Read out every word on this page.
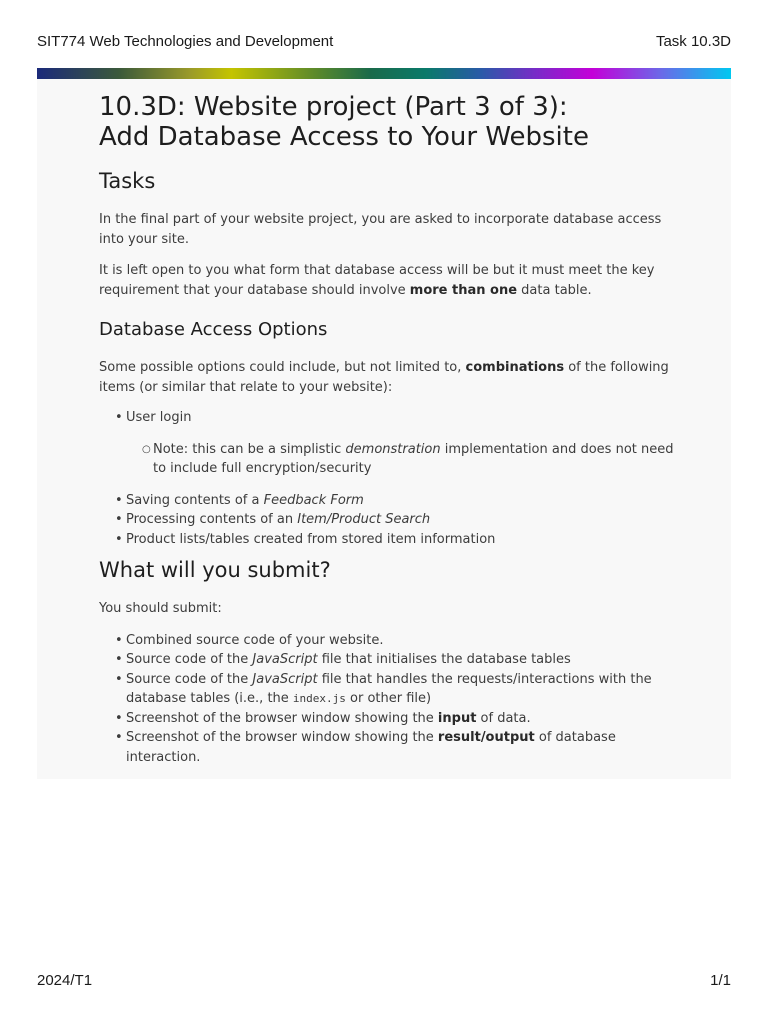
SIT774 Web Technologies and Development	Task 10.3D
10.3D: Website project (Part 3 of 3):
Add Database Access to Your Website
Tasks

In the final part of your website project, you are asked to incorporate database access into your site.

It is left open to you what form that database access will be but it must meet the key requirement that your database should involve more than one data table.

Database Access Options

Some possible options could include, but not limited to, combinations of the following items (or similar that relate to your website):

• User login
○ Note: this can be a simplistic demonstration implementation and does not need to include full encryption/security
• Saving contents of a Feedback Form
• Processing contents of an Item/Product Search
• Product lists/tables created from stored item information
What will you submit?

You should submit:

• Combined source code of your website.
• Source code of the JavaScript file that initialises the database tables
• Source code of the JavaScript file that handles the requests/interactions with the database tables (i.e., the index.js or other file)
• Screenshot of the browser window showing the input of data.
• Screenshot of the browser window showing the result/output of database interaction.
2024/T1	1/1
